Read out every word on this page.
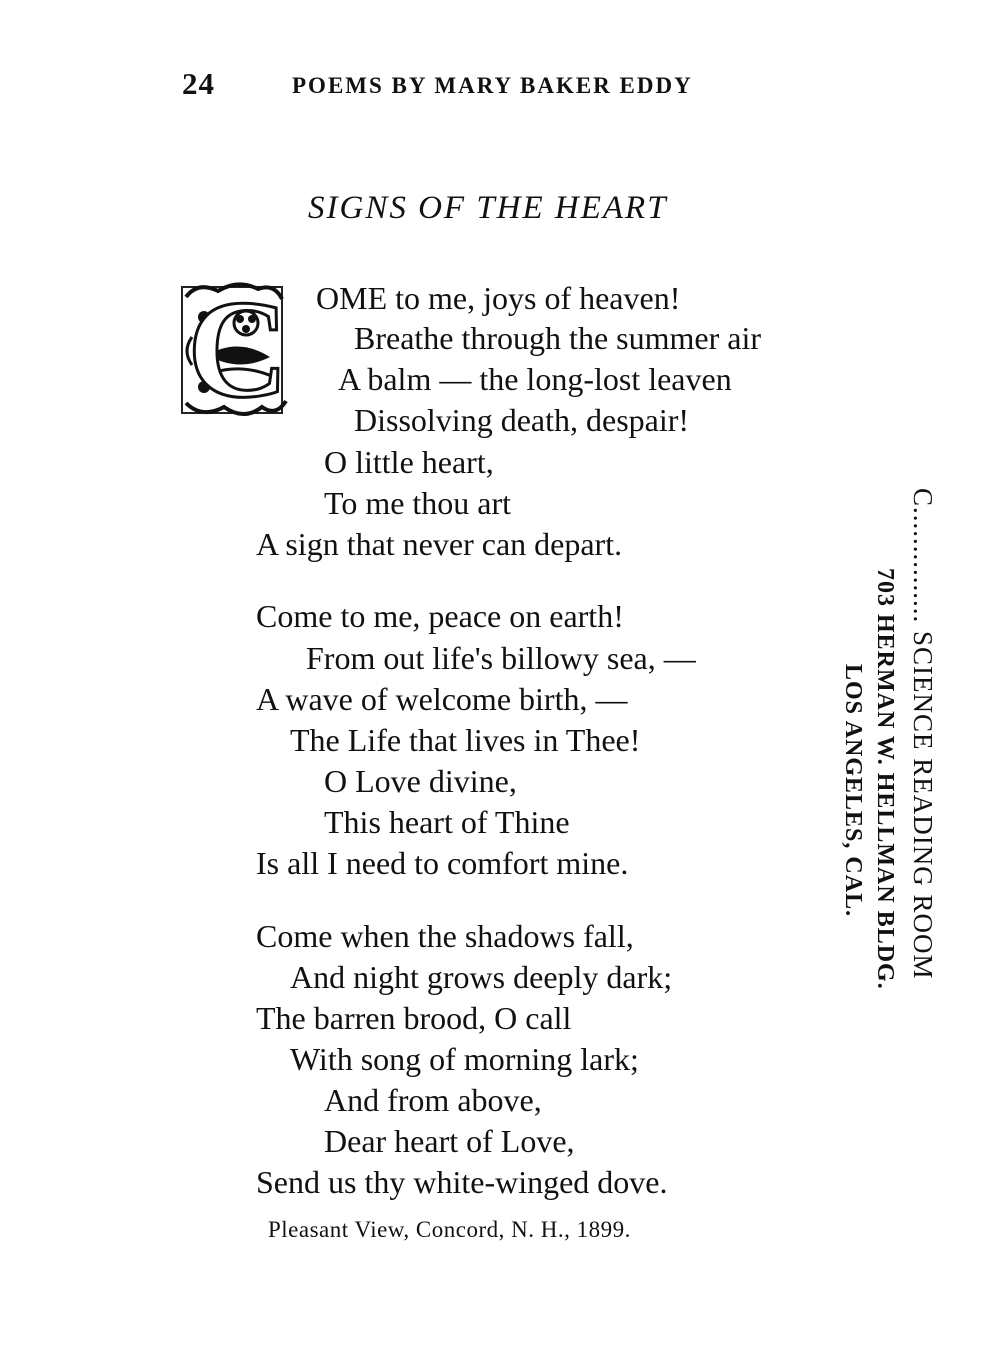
24	POEMS BY MARY BAKER EDDY
SIGNS OF THE HEART
C OME to me, joys of heaven!
Breathe through the summer air
A balm — the long-lost leaven
Dissolving death, despair!
O little heart,
To me thou art
A sign that never can depart.
Come to me, peace on earth!
From out life's billowy sea, —
A wave of welcome birth, —
The Life that lives in Thee!
O Love divine,
This heart of Thine
Is all I need to comfort mine.
Come when the shadows fall,
And night grows deeply dark;
The barren brood, O call
With song of morning lark;
And from above,
Dear heart of Love,
Send us thy white-winged dove.
Pleasant View, Concord, N. H., 1899.
C............... SCIENCE READING ROOM
703 HERMAN W. HELLMAN BLDG.
LOS ANGELES, CAL.
